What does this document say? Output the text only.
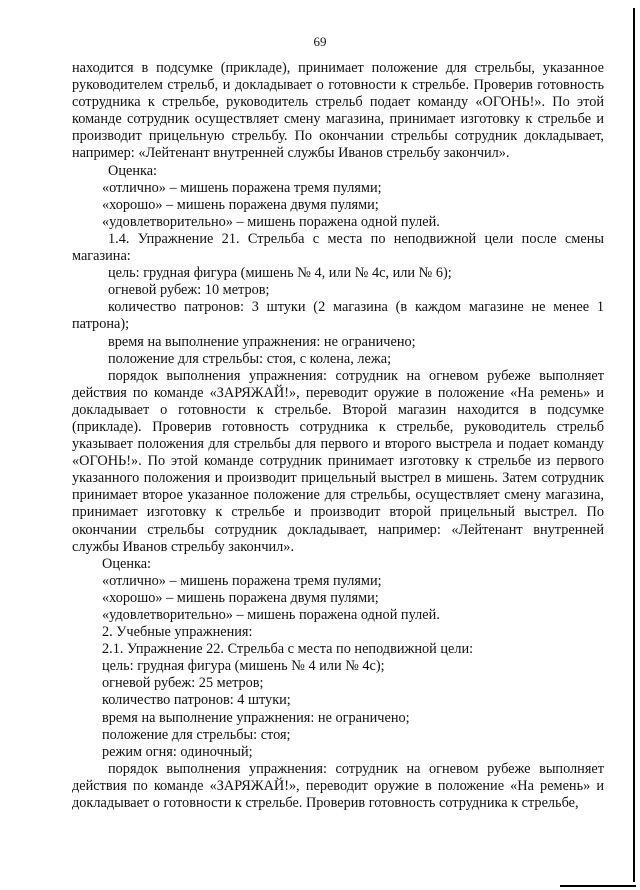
69

находится в подсумке (прикладе), принимает положение для стрельбы, указанное руководителем стрельб, и докладывает о готовности к стрельбе. Проверив готовность сотрудника к стрельбе, руководитель стрельб подает команду «ОГОНЬ!». По этой команде сотрудник осуществляет смену магазина, принимает изготовку к стрельбе и производит прицельную стрельбу. По окончании стрельбы сотрудник докладывает, например: «Лейтенант внутренней службы Иванов стрельбу закончил».

Оценка:

«отлично» – мишень поражена тремя пулями;

«хорошо» – мишень поражена двумя пулями;

«удовлетворительно» – мишень поражена одной пулей.

1.4. Упражнение 21. Стрельба с места по неподвижной цели после смены магазина:

цель: грудная фигура (мишень № 4, или № 4с, или № 6);

огневой рубеж: 10 метров;

количество патронов: 3 штуки (2 магазина (в каждом магазине не менее 1 патрона);

время на выполнение упражнения: не ограничено;

положение для стрельбы: стоя, с колена, лежа;

порядок выполнения упражнения: сотрудник на огневом рубеже выполняет действия по команде «ЗАРЯЖАЙ!», переводит оружие в положение «На ремень» и докладывает о готовности к стрельбе. Второй магазин находится в подсумке (прикладе). Проверив готовность сотрудника к стрельбе, руководитель стрельб указывает положения для стрельбы для первого и второго выстрела и подает команду «ОГОНЬ!». По этой команде сотрудник принимает изготовку к стрельбе из первого указанного положения и производит прицельный выстрел в мишень. Затем сотрудник принимает второе указанное положение для стрельбы, осуществляет смену магазина, принимает изготовку к стрельбе и производит второй прицельный выстрел. По окончании стрельбы сотрудник докладывает, например: «Лейтенант внутренней службы Иванов стрельбу закончил».

Оценка:

«отлично» – мишень поражена тремя пулями;

«хорошо» – мишень поражена двумя пулями;

«удовлетворительно» – мишень поражена одной пулей.

2. Учебные упражнения:

2.1. Упражнение 22. Стрельба с места по неподвижной цели:

цель: грудная фигура (мишень № 4 или № 4с);

огневой рубеж: 25 метров;

количество патронов: 4 штуки;

время на выполнение упражнения: не ограничено;

положение для стрельбы: стоя;

режим огня: одиночный;

порядок выполнения упражнения: сотрудник на огневом рубеже выполняет действия по команде «ЗАРЯЖАЙ!», переводит оружие в положение «На ремень» и докладывает о готовности к стрельбе. Проверив готовность сотрудника к стрельбе,
